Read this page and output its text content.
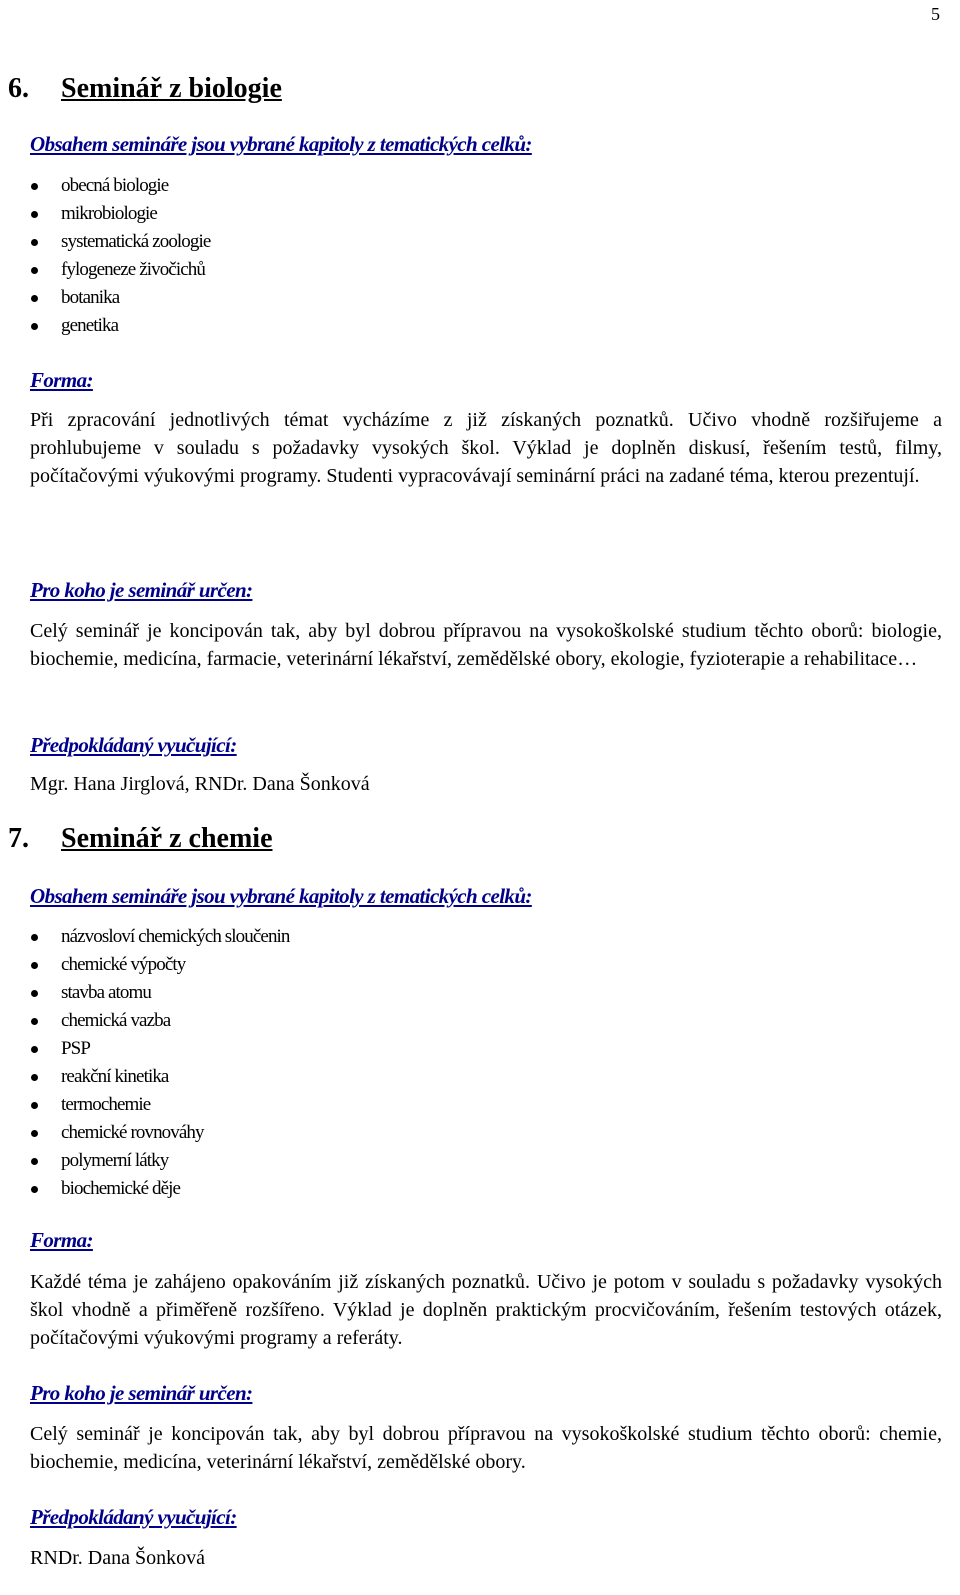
5
6. Seminář z biologie

Obsahem semináře jsou vybrané kapitoly z tematických celků:

obecná biologie
mikrobiologie
systematická zoologie
fylogeneze živočichů
botanika
genetika

Forma:

Při zpracování jednotlivých témat vycházíme z již získaných poznatků. Učivo vhodně rozšiřujeme a prohlubujeme v souladu s požadavky vysokých škol. Výklad je doplněn diskusí, řešením testů, filmy, počítačovými výukovými programy. Studenti vypracovávají seminární práci na zadané téma, kterou prezentují.

Pro koho je seminář určen:

Celý seminář je koncipován tak, aby byl dobrou přípravou na vysokoškolské studium těchto oborů: biologie, biochemie, medicína, farmacie, veterinární lékařství, zemědělské obory, ekologie, fyzioterapie a rehabilitace…

Předpokládaný vyučující:

Mgr. Hana Jirglová, RNDr. Dana Šonková

7. Seminář z chemie

Obsahem semináře jsou vybrané kapitoly z tematických celků:

názvosloví chemických sloučenin
chemické výpočty
stavba atomu
chemická vazba
PSP
reakční kinetika
termochemie
chemické rovnováhy
polymerní látky
biochemické děje

Forma:

Každé téma je zahájeno opakováním již získaných poznatků. Učivo je potom v souladu s požadavky vysokých škol vhodně a přiměřeně rozšířeno. Výklad je doplněn praktickým procvičováním, řešením testových otázek, počítačovými výukovými programy a referáty.

Pro koho je seminář určen:

Celý seminář je koncipován tak, aby byl dobrou přípravou na vysokoškolské studium těchto oborů: chemie, biochemie, medicína, veterinární lékařství, zemědělské obory.

Předpokládaný vyučující:

RNDr. Dana Šonková
